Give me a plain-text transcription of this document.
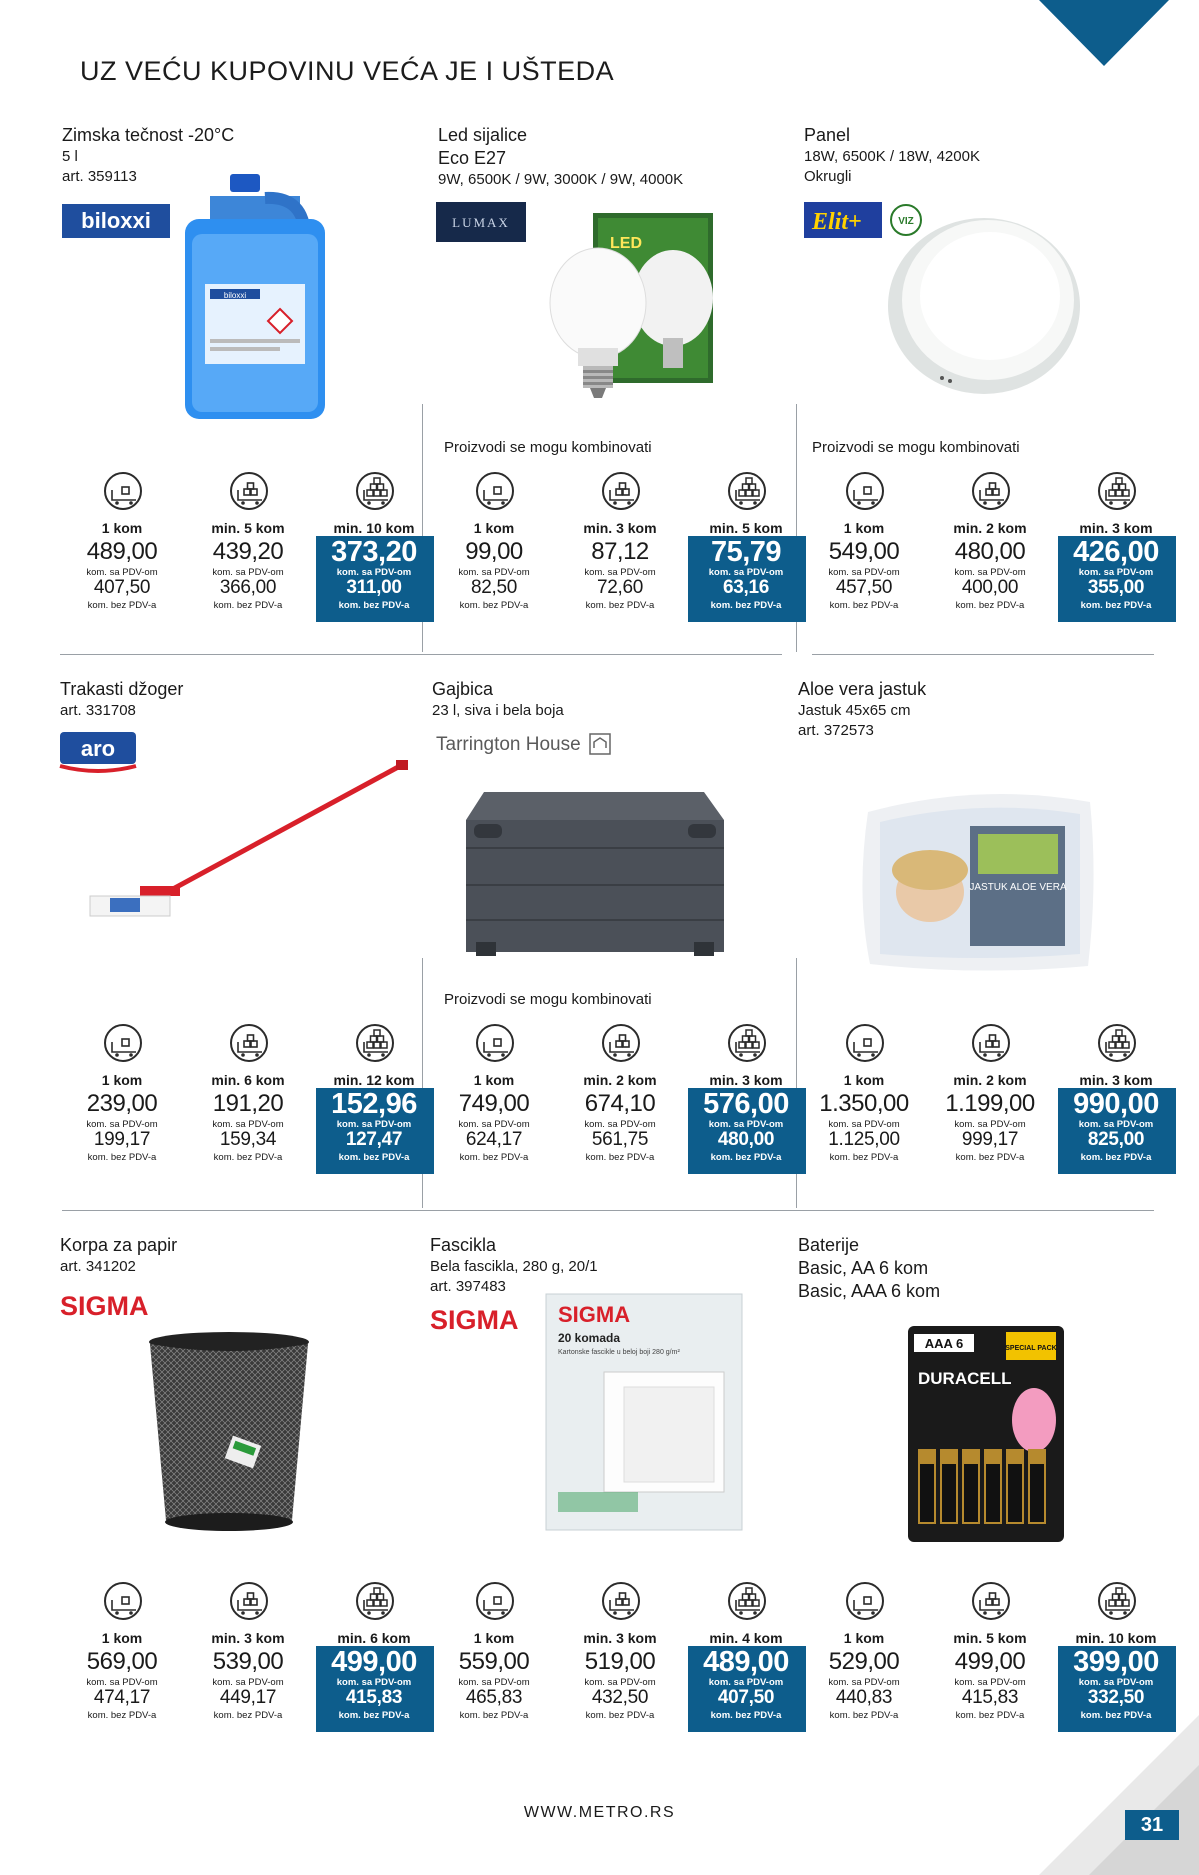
UZ VEĆU KUPOVINU VEĆA JE I UŠTEDA
Zimska tečnost -20°C
5 l
art. 359113
biloxxi
biloxxi
Led sijalice
Eco E27
9W, 6500K / 9W, 3000K / 9W, 4000K
LUMAX
LED
Proizvodi se mogu kombinovati
Panel
18W, 6500K / 18W, 4200K
Okrugli
Elit+	VIZ
Proizvodi se mogu kombinovati
Trakasti džoger
art. 331708
aro
Gajbica
23 l, siva i bela boja
Tarrington House
Proizvodi se mogu kombinovati
Aloe vera jastuk
Jastuk 45x65 cm
art. 372573
JASTUK ALOE VERA
Korpa za papir
art. 341202
SIGMA
Fascikla
Bela fascikla, 280 g, 20/1
art. 397483
SIGMA SIGMA
20 komada
Kartonske fascikle u beloj boji 280 g/m²
Baterije
Basic, AA 6 kom
Basic, AAA 6 kom
AAA 6	SPECIAL PACK
DURACELL
1 kom
489,00
kom. sa PDV-om
407,50
kom. bez PDV-a
min. 5 kom
439,20
kom. sa PDV-om
366,00
kom. bez PDV-a
min. 10 kom
373,20
kom. sa PDV-om
311,00
kom. bez PDV-a
1 kom
99,00
kom. sa PDV-om
82,50
kom. bez PDV-a
min. 3 kom
87,12
kom. sa PDV-om
72,60
kom. bez PDV-a
min. 5 kom
75,79
kom. sa PDV-om
63,16
kom. bez PDV-a
1 kom
549,00
kom. sa PDV-om
457,50
kom. bez PDV-a
min. 2 kom
480,00
kom. sa PDV-om
400,00
kom. bez PDV-a
min. 3 kom
426,00
kom. sa PDV-om
355,00
kom. bez PDV-a
1 kom
239,00
kom. sa PDV-om
199,17
kom. bez PDV-a
min. 6 kom
191,20
kom. sa PDV-om
159,34
kom. bez PDV-a
min. 12 kom
152,96
kom. sa PDV-om
127,47
kom. bez PDV-a
1 kom
749,00
kom. sa PDV-om
624,17
kom. bez PDV-a
min. 2 kom
674,10
kom. sa PDV-om
561,75
kom. bez PDV-a
min. 3 kom
576,00
kom. sa PDV-om
480,00
kom. bez PDV-a
1 kom
1.350,00
kom. sa PDV-om
1.125,00
kom. bez PDV-a
min. 2 kom
1.199,00
kom. sa PDV-om
999,17
kom. bez PDV-a
min. 3 kom
990,00
kom. sa PDV-om
825,00
kom. bez PDV-a
1 kom
569,00
kom. sa PDV-om
474,17
kom. bez PDV-a
min. 3 kom
539,00
kom. sa PDV-om
449,17
kom. bez PDV-a
min. 6 kom
499,00
kom. sa PDV-om
415,83
kom. bez PDV-a
1 kom
559,00
kom. sa PDV-om
465,83
kom. bez PDV-a
min. 3 kom
519,00
kom. sa PDV-om
432,50
kom. bez PDV-a
min. 4 kom
489,00
kom. sa PDV-om
407,50
kom. bez PDV-a
1 kom
529,00
kom. sa PDV-om
440,83
kom. bez PDV-a
min. 5 kom
499,00
kom. sa PDV-om
415,83
kom. bez PDV-a
min. 10 kom
399,00
kom. sa PDV-om
332,50
kom. bez PDV-a
WWW.METRO.RS
31
